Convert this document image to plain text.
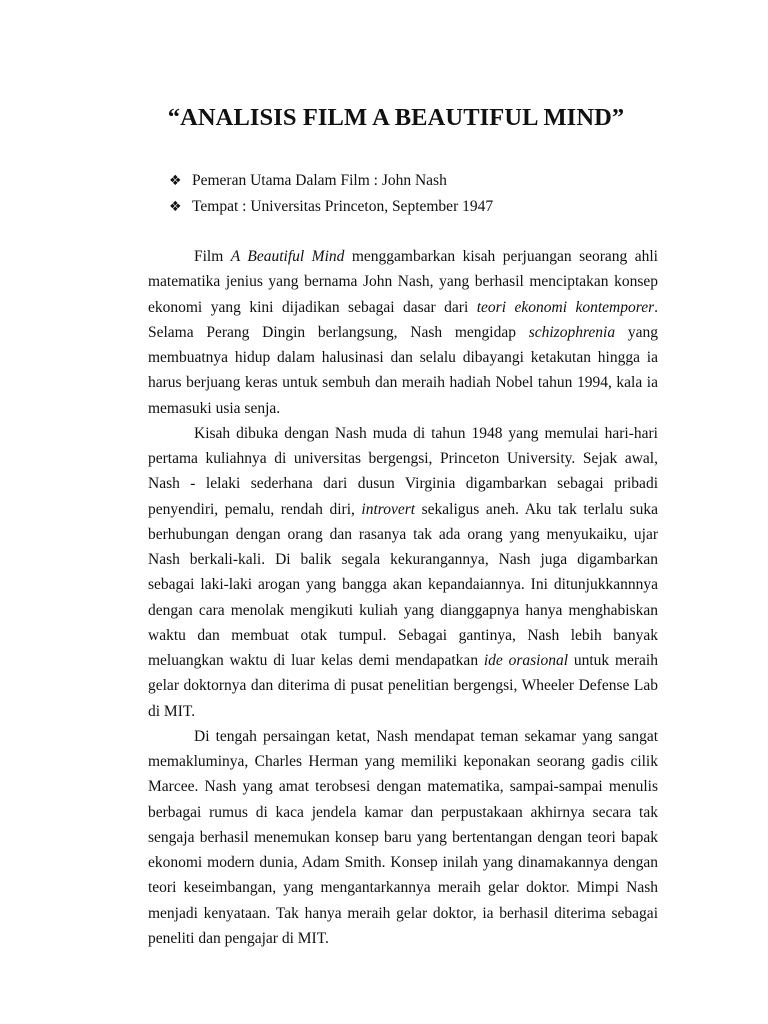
“ANALISIS FILM A BEAUTIFUL MIND”
❖ Pemeran Utama Dalam Film : John Nash
❖ Tempat : Universitas Princeton, September 1947

Film A Beautiful Mind menggambarkan kisah perjuangan seorang ahli matematika jenius yang bernama John Nash, yang berhasil menciptakan konsep ekonomi yang kini dijadikan sebagai dasar dari teori ekonomi kontemporer. Selama Perang Dingin berlangsung, Nash mengidap schizophrenia yang membuatnya hidup dalam halusinasi dan selalu dibayangi ketakutan hingga ia harus berjuang keras untuk sembuh dan meraih hadiah Nobel tahun 1994, kala ia memasuki usia senja.

Kisah dibuka dengan Nash muda di tahun 1948 yang memulai hari-hari pertama kuliahnya di universitas bergengsi, Princeton University. Sejak awal, Nash - lelaki sederhana dari dusun Virginia digambarkan sebagai pribadi penyendiri, pemalu, rendah diri, introvert sekaligus aneh. Aku tak terlalu suka berhubungan dengan orang dan rasanya tak ada orang yang menyukaiku, ujar Nash berkali-kali. Di balik segala kekurangannya, Nash juga digambarkan sebagai laki-laki arogan yang bangga akan kepandaiannya. Ini ditunjukkannnya dengan cara menolak mengikuti kuliah yang dianggapnya hanya menghabiskan waktu dan membuat otak tumpul. Sebagai gantinya, Nash lebih banyak meluangkan waktu di luar kelas demi mendapatkan ide orasional untuk meraih gelar doktornya dan diterima di pusat penelitian bergengsi, Wheeler Defense Lab di MIT.

Di tengah persaingan ketat, Nash mendapat teman sekamar yang sangat memakluminya, Charles Herman yang memiliki keponakan seorang gadis cilik Marcee. Nash yang amat terobsesi dengan matematika, sampai-sampai menulis berbagai rumus di kaca jendela kamar dan perpustakaan akhirnya secara tak sengaja berhasil menemukan konsep baru yang bertentangan dengan teori bapak ekonomi modern dunia, Adam Smith. Konsep inilah yang dinamakannya dengan teori keseimbangan, yang mengantarkannya meraih gelar doktor. Mimpi Nash menjadi kenyataan. Tak hanya meraih gelar doktor, ia berhasil diterima sebagai peneliti dan pengajar di MIT.
